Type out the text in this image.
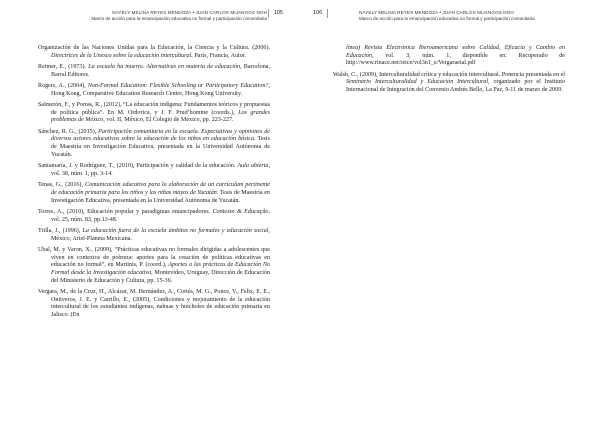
NAYELY MELINA REYES MENDOZA • JUAN CARLOS MIJANGOS NOH
Marco de acción para la emancipación educativa no formal y participación comunitaria
105
Organización de las Naciones Unidas para la Educación, la Ciencia y la Cultura. (2006). Directrices de la Unesco sobre la educación intercultural. París, Francia, Autor.
Reimer, E., (1973). La escuela ha muerto. Alternativas en materia de educación, Barcelona, Barral Editores.
Rogers, A., (2004), Non-Formal Education: Flexible Schooling or Participatory Education?, Hong Kong, Comparative Education Research Centre, Hong Kong University.
Salmerón, F., y Porras, R., (2012), “La educación indígena: Fundamentos teóricos y propuestas de política pública”. En M. Ordorica, y J. F. Prud’homme (coords.), Los grandes problemas de México, vol. II, México, El Colegio de México, pp. 223-227.
Sánchez, R. G., (2015), Participación comunitaria en la escuela. Expectativas y opiniones de diversos actores educativos sobre la educación de los niños en educación básica. Tesis de Maestría en Investigación Educativa, presentada en la Universidad Autónoma de Yucatán.
Santamaría, J. y Rodríguez, T., (2010), Participación y calidad de la educación. Aula abierta, vol. 38, núm. 1, pp. 3-14.
Tenas, G., (2016), Comunicación educativa para la elaboración de un currículum pertinente de educación primaria para los niños y las niñas mayas de Yucatán. Tesis de Maestría en Investigación Educativa, presentada en la Universidad Autónoma de Yucatán.
Torres, A., (2010), Educación popular y paradigmas emancipadores. Contexto & Educação, vol. 25, núm. 83, pp.13-48.
Trilla, J., (1996), La educación fuera de la escuela ámbitos no formales y educación social, México, Ariel-Planeta Mexicana.
Ubal, M. y Varon, X., (2009), “Prácticas educativas no formales dirigidas a adolescentes que viven en contextos de pobreza: aportes para la creación de políticas educativas en educación no formal”, en Martinis, P. (coord.), Aportes a las prácticas de Educación No Formal desde la Investigación educativa, Montevideo, Uruguay, Dirección de Educación del Ministerio de Educación y Cultura, pp. 15-36.
Vergara, M., de la Cruz, H., Alcázar, M. Hernández, A., Cortés, M. G., Ponce, V., Felix, E. E., Ontiveros, J. E. y Carrillo, E., (2005), Condiciones y mejoramiento de la educación intercultural de los estudiantes indígenas, nahuas y huicholes de educación primaria en Jalisco. (En
106	NAYELY MELINA REYES MENDOZA • JUAN CARLOS MIJANGOS NOH
Marco de acción para la emancipación educativa no formal y participación comunitaria
línea) Revista Electrónica Iberoamericana sobre Calidad, Eficacia y Cambio en Educación, vol. 3, núm. 1, disponible en: Recuperado de http://www.rinace.net/reice/vol3n1_e/Vergaraetal.pdf
Walsh, C., (2009), Interculturalidad crítica y educación intercultural. Ponencia presentada en el Seminario Interculturalidad y Educación Intercultural, organizado por el Instituto Internacional de Integración del Convenio Andrés Bello, La Paz, 9-11 de marzo de 2009.
